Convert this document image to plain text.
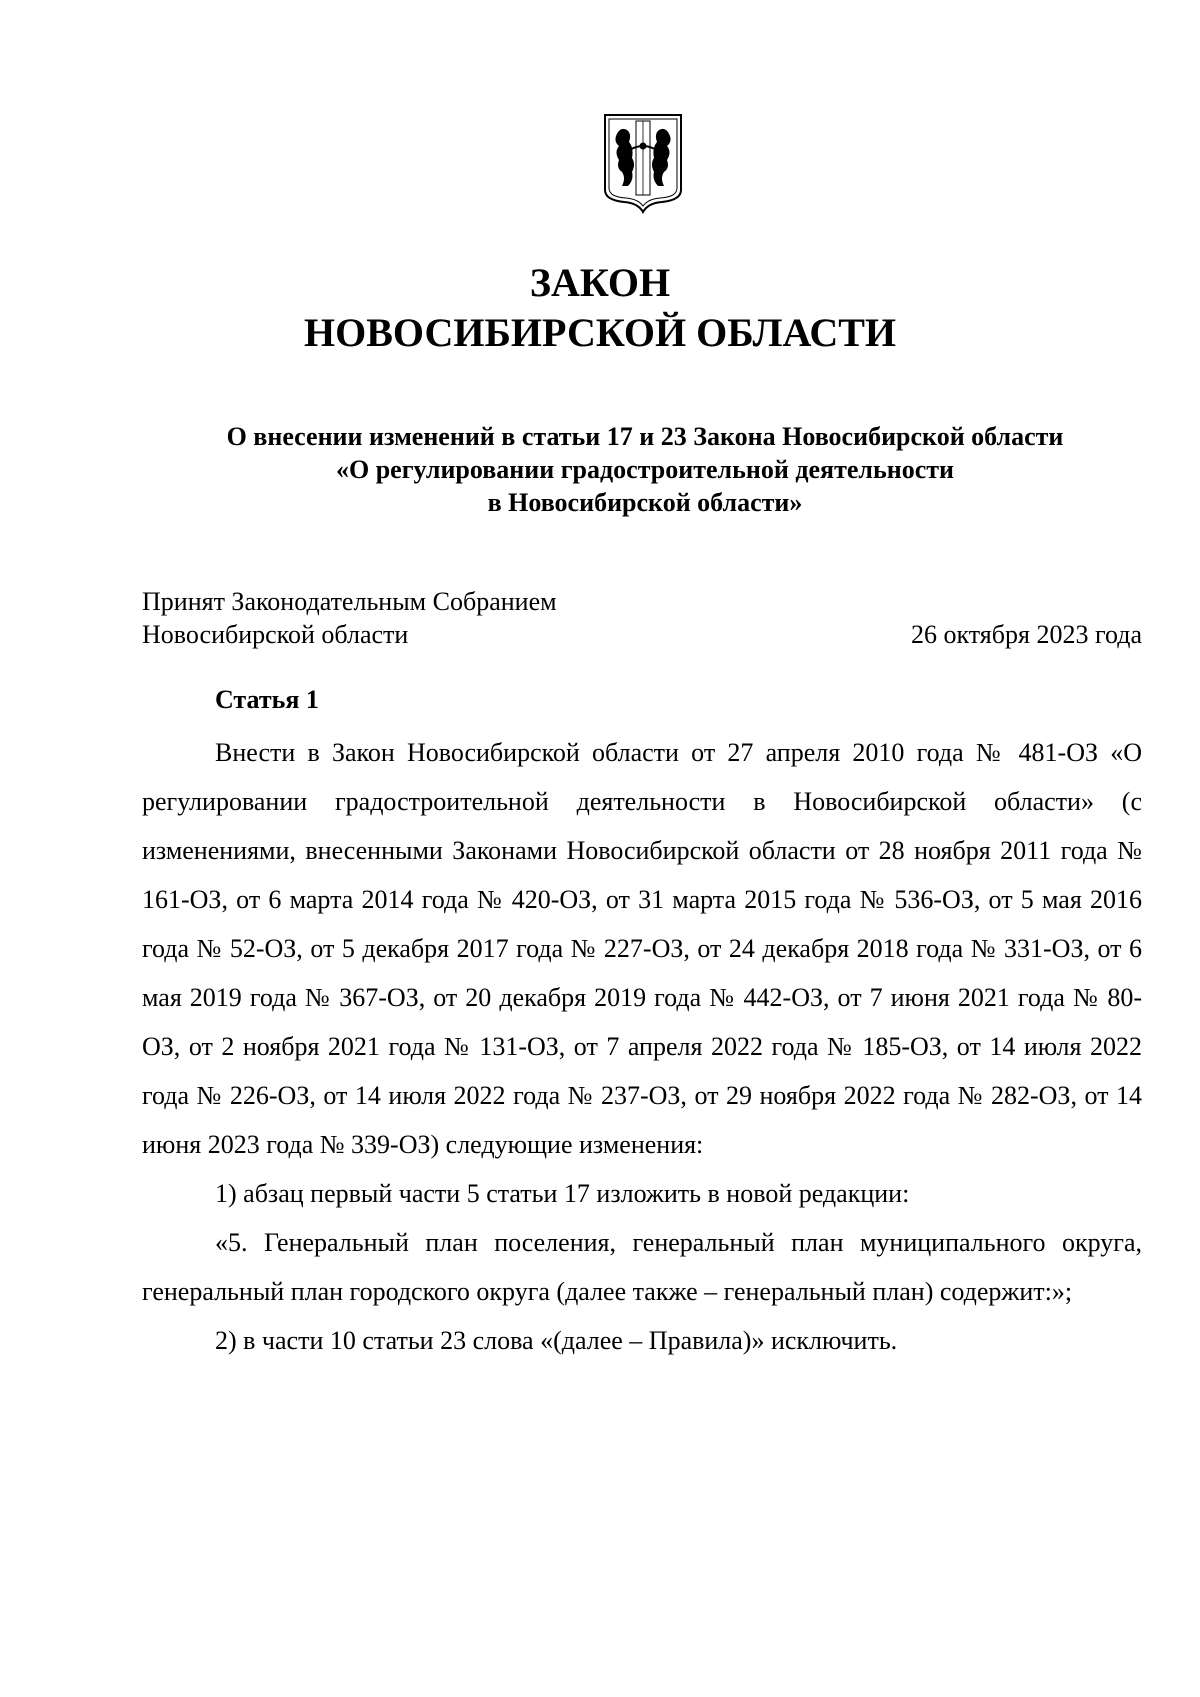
ЗАКОН
НОВОСИБИРСКОЙ ОБЛАСТИ
О внесении изменений в статьи 17 и 23 Закона Новосибирской области
«О регулировании градостроительной деятельности
в Новосибирской области»
Принят Законодательным Собранием
Новосибирской области	26 октября 2023 года
Статья 1

Внести в Закон Новосибирской области от 27 апреля 2010 года № 481-ОЗ «О регулировании градостроительной деятельности в Новосибирской области» (с изменениями, внесенными Законами Новосибирской области от 28 ноября 2011 года № 161-ОЗ, от 6 марта 2014 года № 420-ОЗ, от 31 марта 2015 года № 536-ОЗ, от 5 мая 2016 года № 52-ОЗ, от 5 декабря 2017 года № 227-ОЗ, от 24 декабря 2018 года № 331-ОЗ, от 6 мая 2019 года № 367-ОЗ, от 20 декабря 2019 года № 442-ОЗ, от 7 июня 2021 года № 80-ОЗ, от 2 ноября 2021 года № 131-ОЗ, от 7 апреля 2022 года № 185-ОЗ, от 14 июля 2022 года № 226-ОЗ, от 14 июля 2022 года № 237-ОЗ, от 29 ноября 2022 года № 282-ОЗ, от 14 июня 2023 года № 339-ОЗ) следующие изменения:

1) абзац первый части 5 статьи 17 изложить в новой редакции:

«5. Генеральный план поселения, генеральный план муниципального округа, генеральный план городского округа (далее также – генеральный план) содержит:»;

2) в части 10 статьи 23 слова «(далее – Правила)» исключить.
